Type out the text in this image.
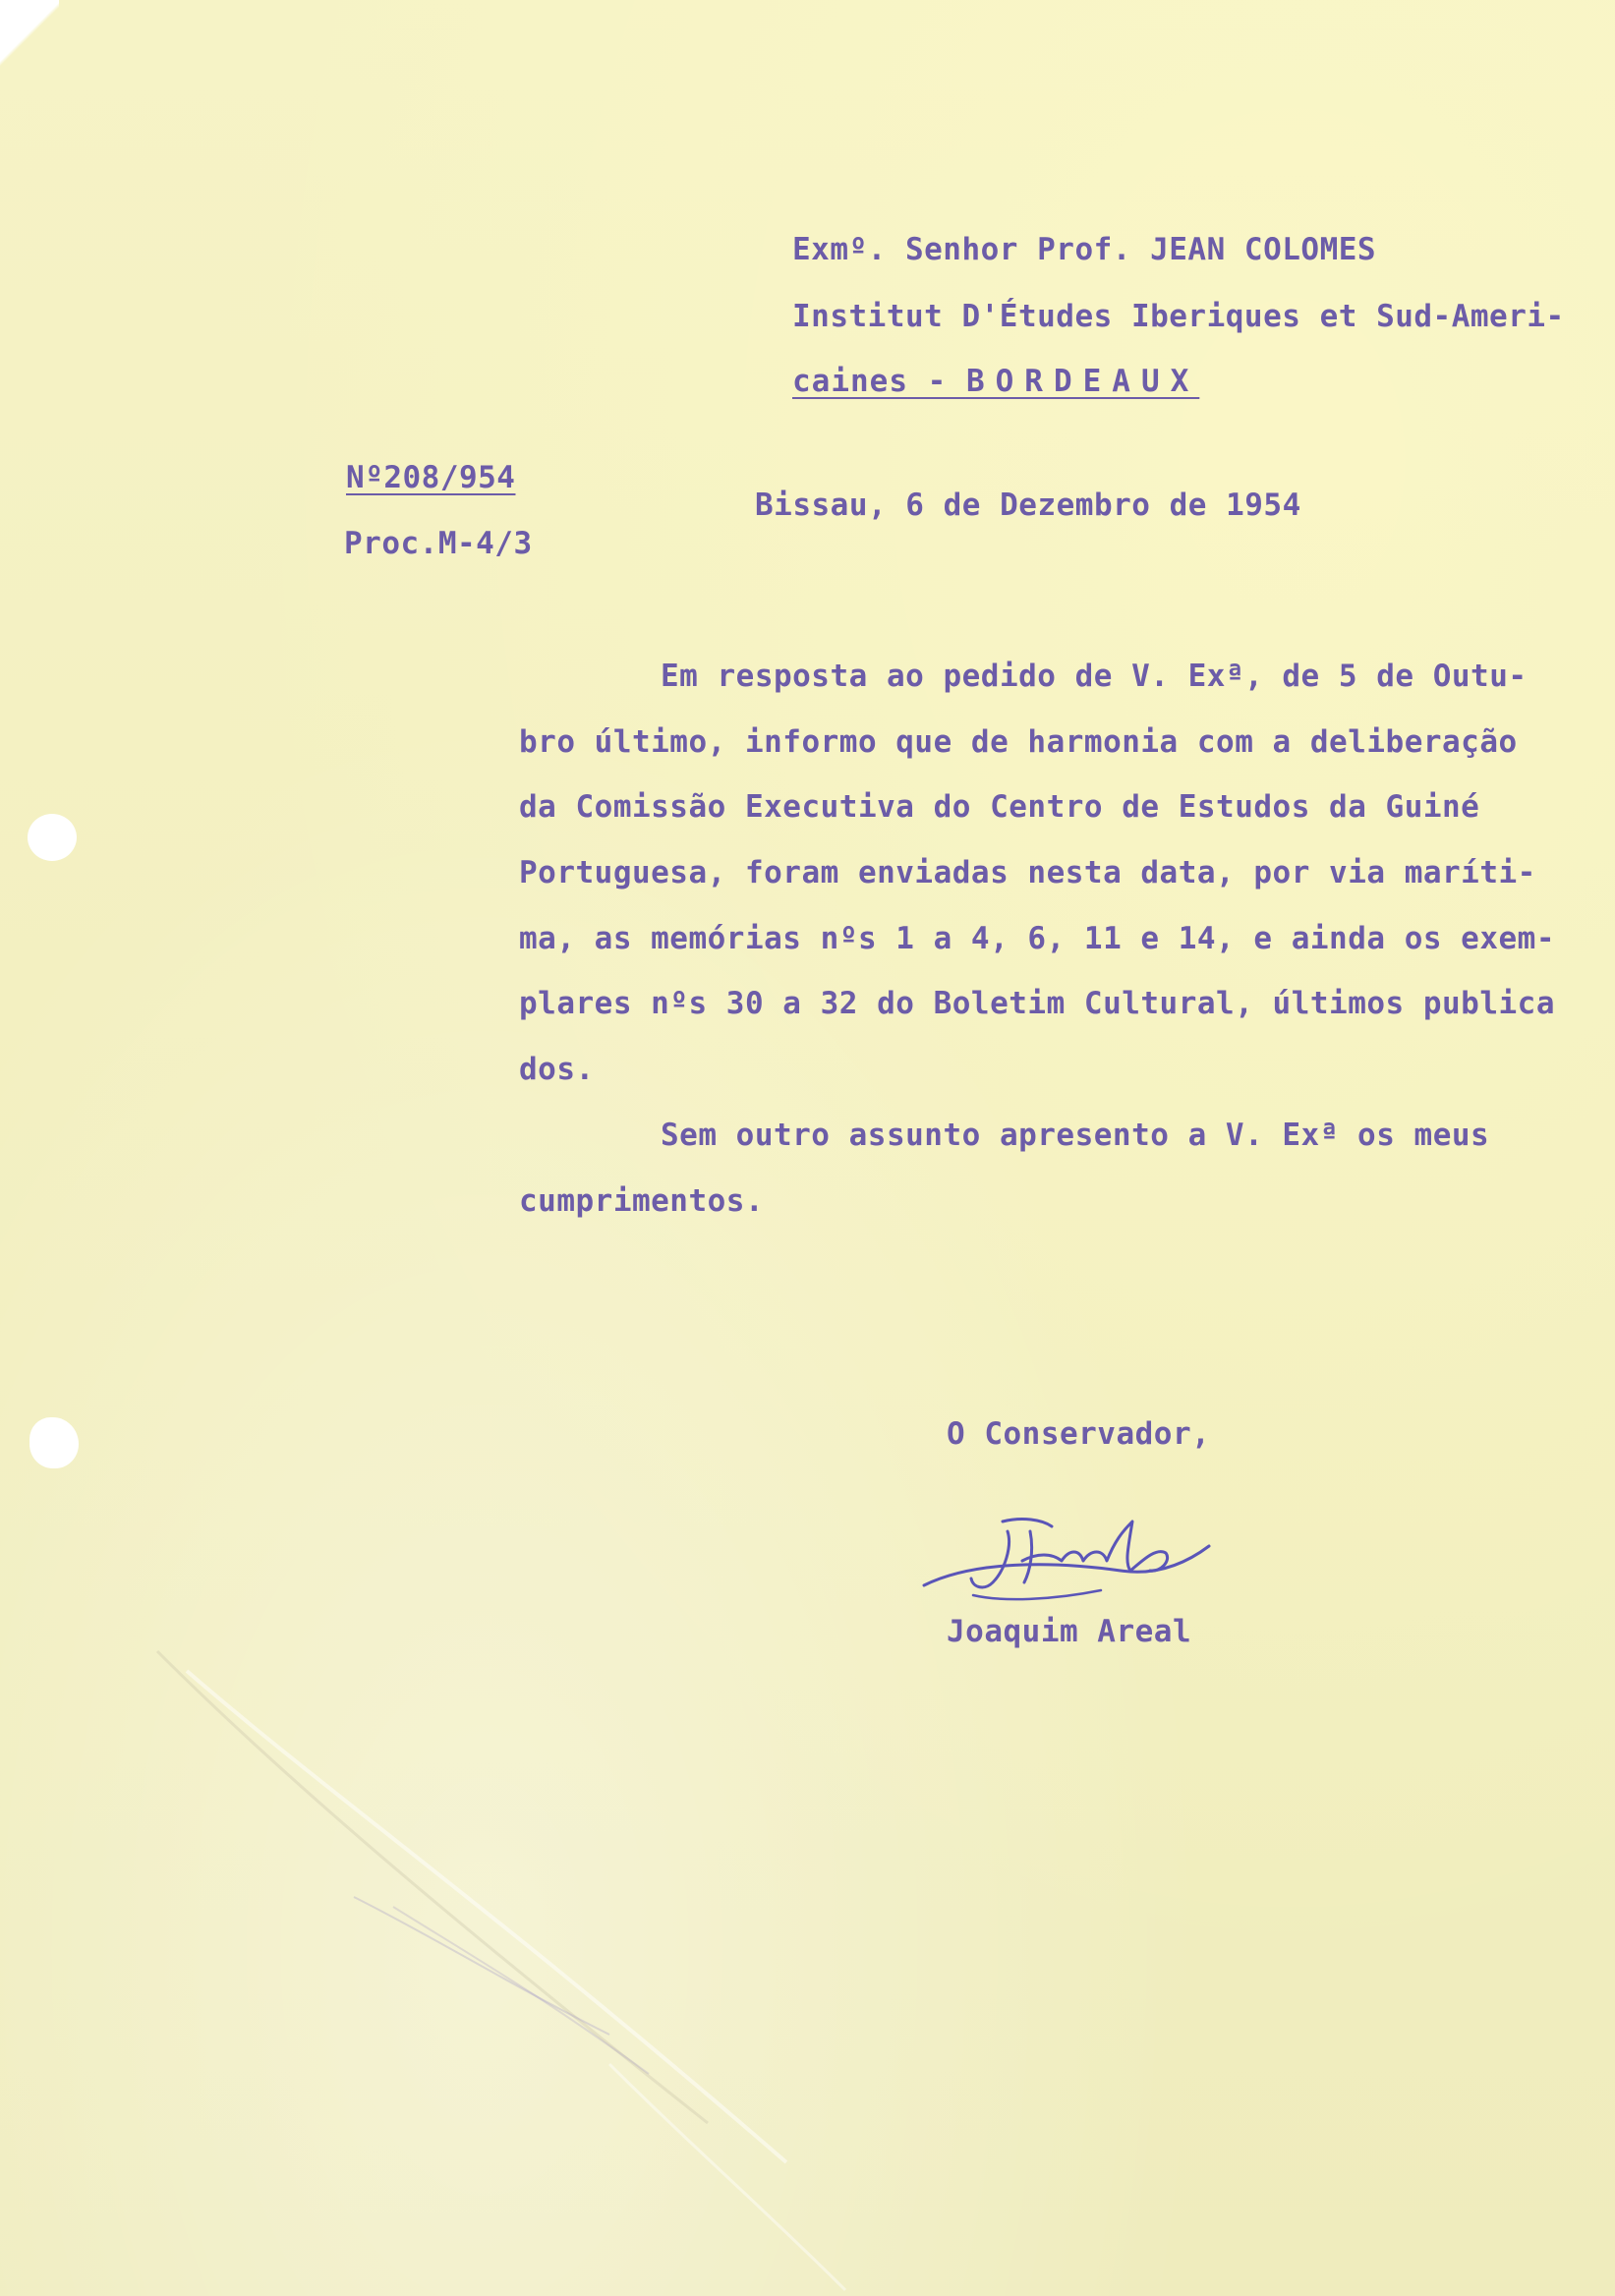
Exmº. Senhor Prof. JEAN COLOMES
Institut D'Études Iberiques et Sud-Ameri-
caines - BORDEAUX
Nº208/954
Proc.M-4/3
Bissau, 6 de Dezembro de 1954
Em resposta ao pedido de V. Exª, de 5 de Outu-
bro último, informo que de harmonia com a deliberação
da Comissão Executiva do Centro de Estudos da Guiné
Portuguesa, foram enviadas nesta data, por via maríti-
ma, as memórias nºs 1 a 4, 6, 11 e 14, e ainda os exem-
plares nºs 30 a 32 do Boletim Cultural, últimos publica
dos.
Sem outro assunto apresento a V. Exª os meus
cumprimentos.
O Conservador,
Joaquim Areal
